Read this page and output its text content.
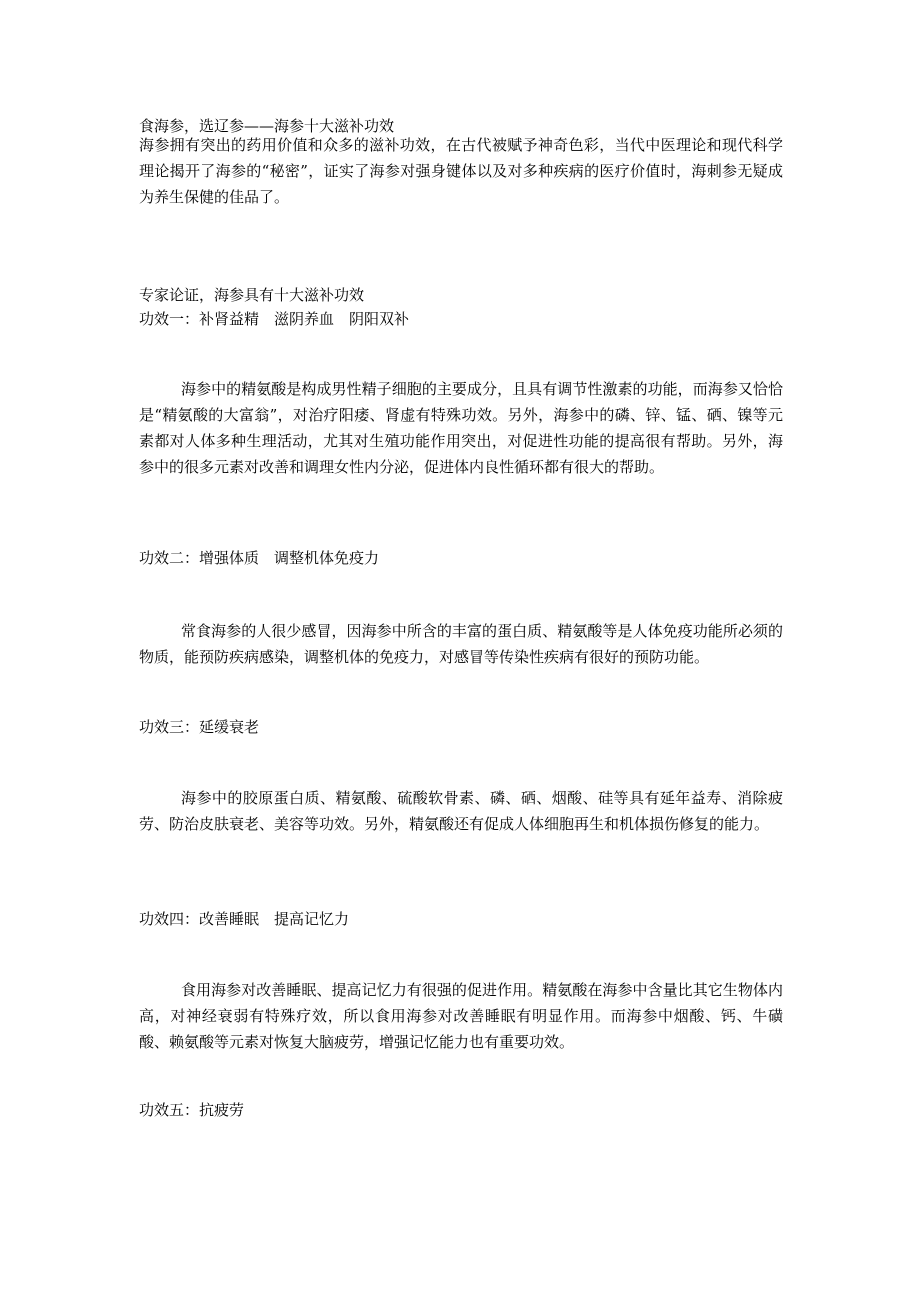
食海参，选辽参——海参十大滋补功效

海参拥有突出的药用价值和众多的滋补功效，在古代被赋予神奇色彩，当代中医理论和现代科学理论揭开了海参的“秘密”，证实了海参对强身键体以及对多种疾病的医疗价值时，海刺参无疑成为养生保健的佳品了。

专家论证，海参具有十大滋补功效
功效一：补肾益精　滋阴养血　阴阳双补

海参中的精氨酸是构成男性精子细胞的主要成分，且具有调节性激素的功能，而海参又恰恰是“精氨酸的大富翁”，对治疗阳痿、肾虚有特殊功效。另外，海参中的磷、锌、锰、硒、镍等元素都对人体多种生理活动，尤其对生殖功能作用突出，对促进性功能的提高很有帮助。另外，海参中的很多元素对改善和调理女性内分泌，促进体内良性循环都有很大的帮助。

功效二：增强体质　调整机体免疫力

常食海参的人很少感冒，因海参中所含的丰富的蛋白质、精氨酸等是人体免疫功能所必须的物质，能预防疾病感染，调整机体的免疫力，对感冒等传染性疾病有很好的预防功能。

功效三：延缓衰老

海参中的胶原蛋白质、精氨酸、硫酸软骨素、磷、硒、烟酸、硅等具有延年益寿、消除疲劳、防治皮肤衰老、美容等功效。另外，精氨酸还有促成人体细胞再生和机体损伤修复的能力。

功效四：改善睡眠　提高记忆力

食用海参对改善睡眠、提高记忆力有很强的促进作用。精氨酸在海参中含量比其它生物体内高，对神经衰弱有特殊疗效，所以食用海参对改善睡眠有明显作用。而海参中烟酸、钙、牛磺酸、赖氨酸等元素对恢复大脑疲劳，增强记忆能力也有重要功效。

功效五：抗疲劳
